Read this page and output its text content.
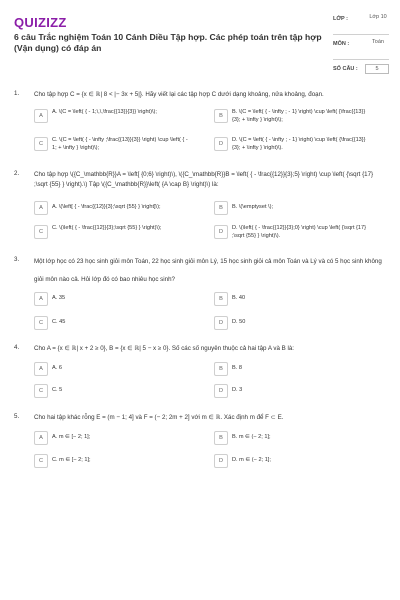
QUIZIZZ
6 câu Trắc nghiệm Toán 10 Cánh Diều Tập hợp. Các phép toán trên tập hợp (Vận dụng) có đáp án
LỚP :	Lớp 10
MÔN :	Toán
SỐ CÂU :	5
1. Cho tập hợp C = {x ∈ ℝ| 8 < |− 3x + 5|}. Hãy viết lại các tập hợp C dưới dạng khoảng, nửa khoảng, đoạn.
A
A. \(C = \left( { - 1;\,\,\frac{{13}}{3}} \right)\);
B
B. \(C = \left( { - \infty ; - 1} \right) \cup \left( {\frac{{13}}{3}; + \infty } \right)\);
C
C. \(C = \left( { - \infty ;\frac{{13}}{3}} \right) \cup \left( { - 1; + \infty } \right)\);
D
D. \(C = \left( { - \infty ; - 1} \right) \cup \left( {\frac{{13}}{3}; + \infty } \right)\).
2. Cho tập hợp \({C_\mathbb{R}}A = \left[ {0;6} \right)\), \({C_\mathbb{R}}B = \left( { - \frac{{12}}{3};5} \right) \cup \left( {\sqrt {17} ;\sqrt {55} } \right).\) Tập \({C_\mathbb{R}}\left( {A \cap B} \right)\) là:
A	A. \(\left[ { - \frac{{12}}{3};\sqrt {55} } \right]\);	B	B. \(\emptyset \);
C
C. \(\left( { - \frac{{12}}{3};\sqrt {55} } \right)\);
D
D. \(\left( { - \frac{{12}}{3};0} \right) \cup \left( {\sqrt {17} ;\sqrt {55} } \right)\).
3. Một lớp học có 23 học sinh giỏi môn Toán, 22 học sinh giỏi môn Lý, 15 học sinh giỏi cả môn Toán và Lý và có 5 học sinh không giỏi môn nào cả. Hỏi lớp đó có bao nhiêu học sinh?
A	A. 35	B	B. 40
C	C. 45	D	D. 50
4. Cho A = {x ∈ ℝ| x + 2 ≥ 0}, B = {x ∈ ℝ| 5 − x ≥ 0}. Số các số nguyên thuộc cả hai tập A và B là:
A	A. 6	B	B. 8
C	C. 5	D	D. 3
5. Cho hai tập khác rỗng E = (m − 1; 4] và F = (− 2; 2m + 2] với m ∈ ℝ. Xác định m để F ⊂ E.
A	A. m ∈ [− 2; 1];	B	B. m ∈ (− 2; 1];
C	C. m ∈ [− 2; 1];	D	D. m ∈ (− 2; 1];
